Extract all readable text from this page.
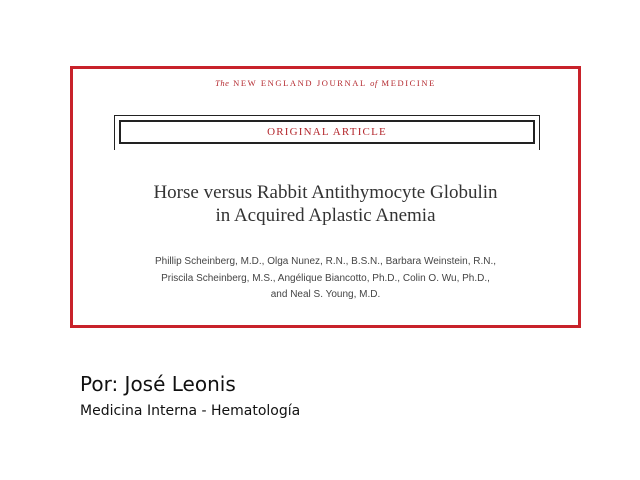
The NEW ENGLAND JOURNAL of MEDICINE
ORIGINAL ARTICLE
Horse versus Rabbit Antithymocyte Globulin
in Acquired Aplastic Anemia
Phillip Scheinberg, M.D., Olga Nunez, R.N., B.S.N., Barbara Weinstein, R.N.,
Priscila Scheinberg, M.S., Angélique Biancotto, Ph.D., Colin O. Wu, Ph.D.,
and Neal S. Young, M.D.
Por: José Leonis
Medicina Interna - Hematología
